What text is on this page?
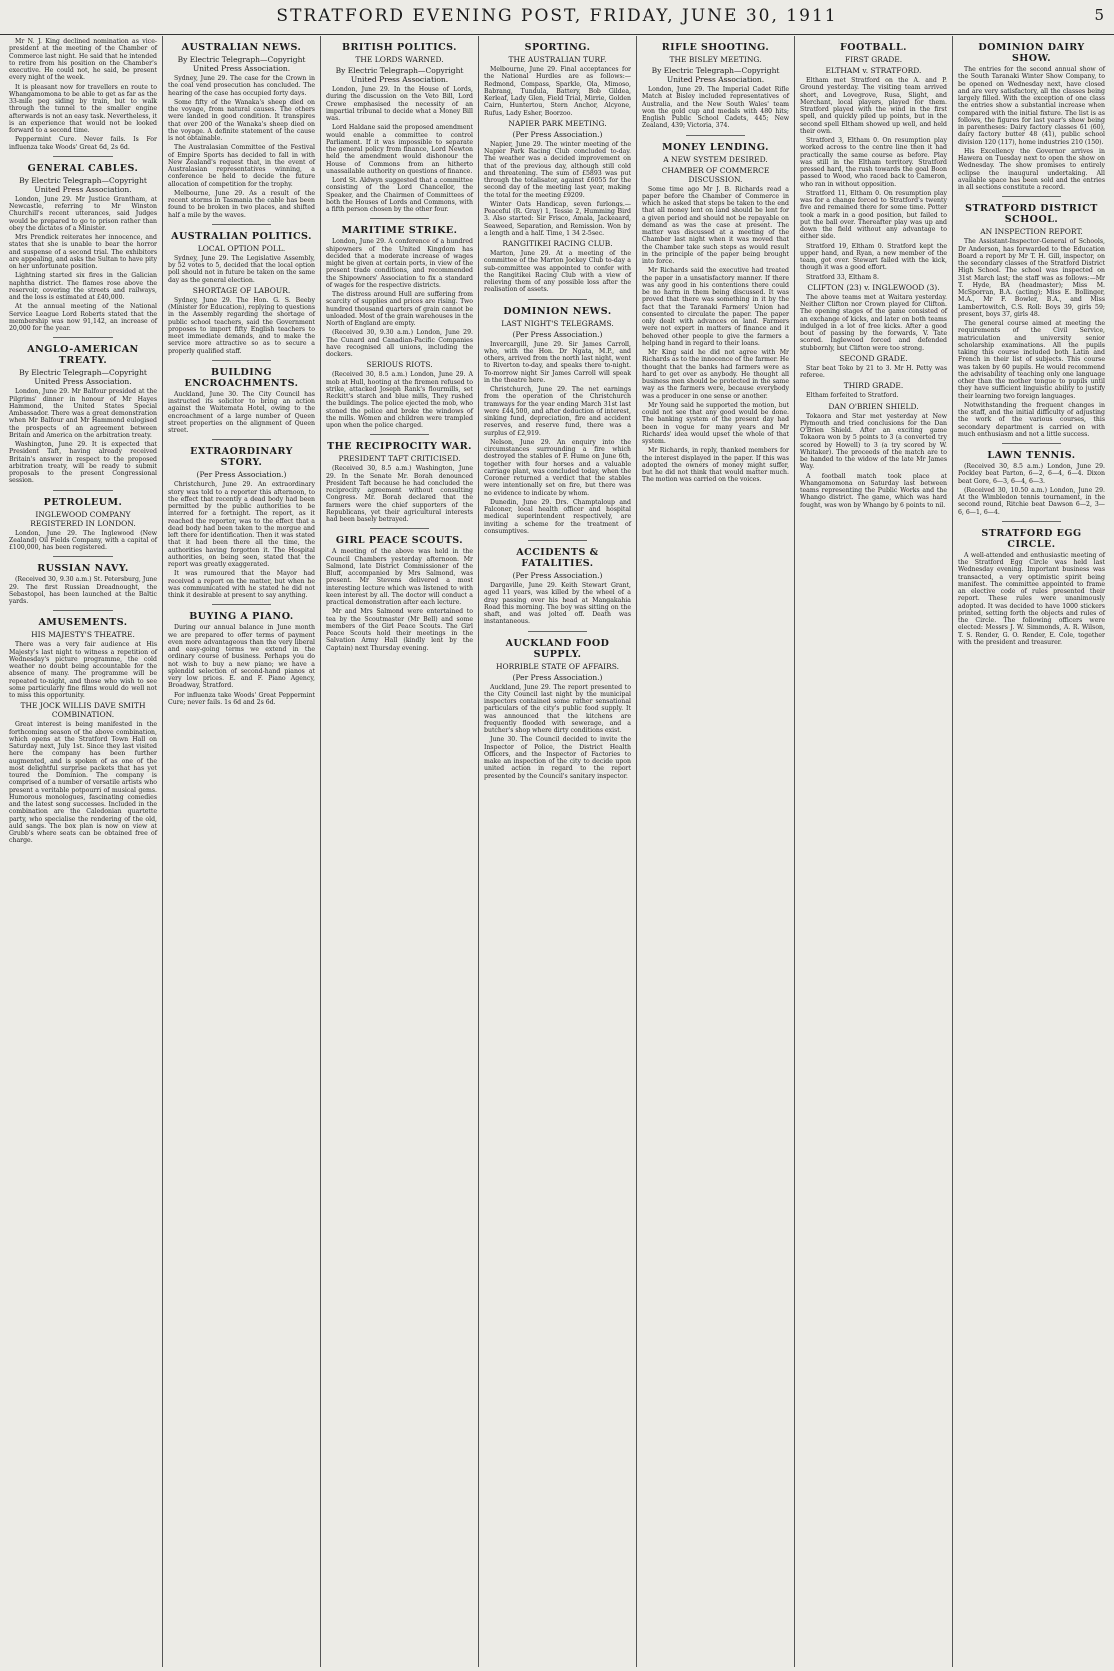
STRATFORD EVENING POST, FRIDAY, JUNE 30, 1911	5

Mr N. J. King declined nomination as vice-president at the meeting of the Chamber of Commerce last night. He said that he intended to retire from his position on the Chamber's executive. He could not, he said, be present every night of the week.

It is pleasant now for travellers en route to Whangamomona to be able to get as far as the 33-mile peg siding by train, but to walk through the tunnel to the smaller engine afterwards is not an easy task. Nevertheless, it is an experience that would not be looked forward to a second time.

Peppermint Cure. Never fails. Is For influenza take Woods' Great 6d, 2s 6d.

GENERAL CABLES.
By Electric Telegraph—Copyright United Press Association.

London, June 29. Mr Justice Grantham, at Newcastle, referring to Mr Winston Churchill's recent utterances, said Judges would be prepared to go to prison rather than obey the dictates of a Minister.

Mrs Prendick reiterates her innocence, and states that she is unable to bear the horror and suspense of a second trial. The exhibitors are appealing, and asks the Sultan to have pity on her unfortunate position.

Lightning started six fires in the Galician naphtha district. The flames rose above the reservoir, covering the streets and railways, and the loss is estimated at £40,000.

At the annual meeting of the National Service League Lord Roberts stated that the membership was now 91,142, an increase of 20,000 for the year.

ANGLO-AMERICAN TREATY.
By Electric Telegraph—Copyright United Press Association.

London, June 29. Mr Balfour presided at the Pilgrims' dinner in honour of Mr Hayes Hammond, the United States Special Ambassador. There was a great demonstration when Mr Balfour and Mr Hammond eulogised the prospects of an agreement between Britain and America on the arbitration treaty.

Washington, June 29. It is expected that President Taft, having already received Britain's answer in respect to the proposed arbitration treaty, will be ready to submit proposals to the present Congressional session.

PETROLEUM.
INGLEWOOD COMPANY REGISTERED IN LONDON.

London, June 29. The Inglewood (New Zealand) Oil Fields Company, with a capital of £100,000, has been registered.

RUSSIAN NAVY.

(Received 30, 9.30 a.m.) St. Petersburg, June 29. The first Russian Dreadnought, the Sebastopol, has been launched at the Baltic yards.

AMUSEMENTS.
HIS MAJESTY'S THEATRE.

There was a very fair audience at His Majesty's last night to witness a repetition of Wednesday's picture programme, the cold weather no doubt being accountable for the absence of many. The programme will be repeated to-night, and those who wish to see some particularly fine films would do well not to miss this opportunity.

THE JOCK WILLIS DAVE SMITH COMBINATION.

Great interest is being manifested in the forthcoming season of the above combination, which opens at the Stratford Town Hall on Saturday next, July 1st. Since they last visited here the company has been further augmented, and is spoken of as one of the most delightful surprise packets that has yet toured the Dominion. The company is comprised of a number of versatile artists who present a veritable potpourri of musical gems. Humorous monologues, fascinating comedies and the latest song successes. Included in the combination are the Caledonian quartette party, who specialise the rendering of the old, auld sangs. The box plan is now on view at Grubb's where seats can be obtained free of charge.

AUSTRALIAN NEWS.
By Electric Telegraph—Copyright United Press Association.

Sydney, June 29. The case for the Crown in the coal vend prosecution has concluded. The hearing of the case has occupied forty days.

Some fifty of the Wanaka's sheep died on the voyage, from natural causes. The others were landed in good condition. It transpires that over 200 of the Wanaka's sheep died on the voyage. A definite statement of the cause is not obtainable.

The Australasian Committee of the Festival of Empire Sports has decided to fall in with New Zealand's request that, in the event of Australasian representatives winning, a conference be held to decide the future allocation of competition for the trophy.

Melbourne, June 29. As a result of the recent storms in Tasmania the cable has been found to be broken in two places, and shifted half a mile by the waves.

AUSTRALIAN POLITICS.
LOCAL OPTION POLL.

Sydney, June 29. The Legislative Assembly, by 52 votes to 5, decided that the local option poll should not in future be taken on the same day as the general election.

SHORTAGE OF LABOUR.

Sydney, June 29. The Hon. G. S. Beeby (Minister for Education), replying to questions in the Assembly regarding the shortage of public school teachers, said the Government proposes to import fifty English teachers to meet immediate demands, and to make the service more attractive so as to secure a properly qualified staff.

BUILDING ENCROACHMENTS.

Auckland, June 30. The City Council has instructed its solicitor to bring an action against the Waitemata Hotel, owing to the encroachment of a large number of Queen street properties on the alignment of Queen street.

EXTRAORDINARY STORY.
(Per Press Association.)

Christchurch, June 29. An extraordinary story was told to a reporter this afternoon, to the effect that recently a dead body had been permitted by the public authorities to be interred for a fortnight. The report, as it reached the reporter, was to the effect that a dead body had been taken to the morgue and left there for identification. Then it was stated that it had been there all the time, the authorities having forgotten it. The Hospital authorities, on being seen, stated that the report was greatly exaggerated.

It was rumoured that the Mayor had received a report on the matter, but when he was communicated with he stated he did not think it desirable at present to say anything.

BUYING A PIANO.

During our annual balance in June month we are prepared to offer terms of payment even more advantageous than the very liberal and easy-going terms we extend in the ordinary course of business. Perhaps you do not wish to buy a new piano; we have a splendid selection of second-hand pianos at very low prices. E. and F. Piano Agency, Broadway, Stratford.

For influenza take Woods' Great Peppermint Cure; never fails. 1s 6d and 2s 6d.

BRITISH POLITICS.
THE LORDS WARNED.
By Electric Telegraph—Copyright United Press Association.

London, June 29. In the House of Lords, during the discussion on the Veto Bill, Lord Crewe emphasised the necessity of an impartial tribunal to decide what a Money Bill was.

Lord Haldane said the proposed amendment would enable a committee to control Parliament. If it was impossible to separate the general policy from finance, Lord Newton held the amendment would dishonour the House of Commons from an hitherto unassailable authority on questions of finance.

Lord St. Aldwyn suggested that a committee consisting of the Lord Chancellor, the Speaker, and the Chairmen of Committees of both the Houses of Lords and Commons, with a fifth person chosen by the other four.

MARITIME STRIKE.

London, June 29. A conference of a hundred shipowners of the United Kingdom has decided that a moderate increase of wages might be given at certain ports, in view of the present trade conditions, and recommended the Shipowners' Association to fix a standard of wages for the respective districts.

The distress around Hull are suffering from scarcity of supplies and prices are rising. Two hundred thousand quarters of grain cannot be unloaded. Most of the grain warehouses in the North of England are empty.

(Received 30, 9.30 a.m.) London, June 29. The Cunard and Canadian-Pacific Companies have recognised all unions, including the dockers.

SERIOUS RIOTS.

(Received 30, 8.5 a.m.) London, June 29. A mob at Hull, hooting at the firemen refused to strike, attacked Joseph Rank's flourmills, set Reckitt's starch and blue mills, They rushed the buildings. The police ejected the mob, who stoned the police and broke the windows of the mills. Women and children were trampled upon when the police charged.

THE RECIPROCITY WAR.
PRESIDENT TAFT CRITICISED.

(Received 30, 8.5 a.m.) Washington, June 29. In the Senate Mr. Borah denounced President Taft because he had concluded the reciprocity agreement without consulting Congress. Mr. Borah declared that the farmers were the chief supporters of the Republicans, yet their agricultural interests had been basely betrayed.

GIRL PEACE SCOUTS.

A meeting of the above was held in the Council Chambers yesterday afternoon. Mr Salmond, late District Commissioner of the Bluff, accompanied by Mrs Salmond, was present. Mr Stevens delivered a most interesting lecture which was listened to with keen interest by all. The doctor will conduct a practical demonstration after each lecture.

Mr and Mrs Salmond were entertained to tea by the Scoutmaster (Mr Bell) and some members of the Girl Peace Scouts. The Girl Peace Scouts hold their meetings in the Salvation Army Hall (kindly lent by the Captain) next Thursday evening.

SPORTING.
THE AUSTRALIAN TURF.

Melbourne, June 29. Final acceptances for the National Hurdles are as follows:—Redmond, Compass, Sparkle, Ola, Mimoso, Babrang, Tundula, Battery, Bob Gildea, Kerleaf, Lady Glen, Field Trial, Mirrie, Golden Cairn, Huntertou, Stern Anchor, Alcyone, Rufus, Lady Esher, Boorzoo.

NAPIER PARK MEETING.
(Per Press Association.)

Napier, June 29. The winter meeting of the Napier Park Racing Club concluded to-day. The weather was a decided improvement on that of the previous day, although still cold and threatening. The sum of £5893 was put through the totalisator, against £6055 for the second day of the meeting last year, making the total for the meeting £9209.

Winter Oats Handicap, seven furlongs.—Peaceful (R. Gray) 1, Tessie 2, Humming Bird 3. Also started: Sir Frisco, Amala, Jackeaard, Seaweed, Separation, and Remission. Won by a length and a half. Time, 1 34 2-5sec.

RANGITIKEI RACING CLUB.

Marton, June 29. At a meeting of the committee of the Marton Jockey Club to-day a sub-committee was appointed to confer with the Rangitikei Racing Club with a view of relieving them of any possible loss after the realisation of assets.

DOMINION NEWS.
LAST NIGHT'S TELEGRAMS.
(Per Press Association.)

Invercargill, June 29. Sir James Carroll, who, with the Hon. Dr Ngata, M.P., and others, arrived from the north last night, went to Riverton to-day, and speaks there to-night. To-morrow night Sir James Carroll will speak in the theatre here.

Christchurch, June 29. The net earnings from the operation of the Christchurch tramways for the year ending March 31st last were £44,500, and after deduction of interest, sinking fund, depreciation, fire and accident reserves, and reserve fund, there was a surplus of £2,919.

Nelson, June 29. An enquiry into the circumstances surrounding a fire which destroyed the stables of F. Hume on June 6th, together with four horses and a valuable carriage plant, was concluded today, when the Coroner returned a verdict that the stables were intentionally set on fire, but there was no evidence to indicate by whom.

Dunedin, June 29. Drs. Champtaloup and Falconer, local health officer and hospital medical superintendent respectively, are inviting a scheme for the treatment of consumptives.

ACCIDENTS & FATALITIES.
(Per Press Association.)

Dargaville, June 29. Keith Stewart Grant, aged 11 years, was killed by the wheel of a dray passing over his head at Mangakahia Road this morning. The boy was sitting on the shaft, and was jolted off. Death was instantaneous.

AUCKLAND FOOD SUPPLY.
HORRIBLE STATE OF AFFAIRS.
(Per Press Association.)

Auckland, June 29. The report presented to the City Council last night by the municipal inspectors contained some rather sensational particulars of the city's public food supply. It was announced that the kitchens are frequently flooded with sewerage, and a butcher's shop where dirty conditions exist.

June 30. The Council decided to invite the Inspector of Police, the District Health Officers, and the Inspector of Factories to make an inspection of the city to decide upon united action in regard to the report presented by the Council's sanitary inspector.

RIFLE SHOOTING.
THE BISLEY MEETING.
By Electric Telegraph—Copyright United Press Association.

London, June 29. The Imperial Cadet Rifle Match at Bisley included representatives of Australia, and the New South Wales' team won the gold cup and medals with 480 hits; English Public School Cadets, 445; New Zealand, 439; Victoria, 374.

MONEY LENDING.
A NEW SYSTEM DESIRED.
CHAMBER OF COMMERCE DISCUSSION.

Some time ago Mr J. B. Richards read a paper before the Chamber of Commerce in which he asked that steps be taken to the end that all money lent on land should be lent for a given period and should not be repayable on demand as was the case at present. The matter was discussed at a meeting of the Chamber last night when it was moved that the Chamber take such steps as would result in the principle of the paper being brought into force.

Mr Richards said the executive had treated the paper in a unsatisfactory manner. If there was any good in his contentions there could be no harm in them being discussed. It was proved that there was something in it by the fact that the Taranaki Farmers' Union had consented to circulate the paper. The paper only dealt with advances on land. Farmers were not expert in matters of finance and it behoved other people to give the farmers a helping hand in regard to their loans.

Mr King said he did not agree with Mr Richards as to the innocence of the farmer. He thought that the banks had farmers were as hard to get over as anybody. He thought all business men should be protected in the same way as the farmers were, because everybody was a producer in one sense or another.

Mr Young said he supported the motion, but could not see that any good would be done. The banking system of the present day had been in vogue for many years and Mr Richards' idea would upset the whole of that system.

Mr Richards, in reply, thanked members for the interest displayed in the paper. If this was adopted the owners of money might suffer, but he did not think that would matter much. The motion was carried on the voices.

FOOTBALL.
FIRST GRADE.
ELTHAM v. STRATFORD.

Eltham met Stratford on the A. and P. Ground yesterday. The visiting team arrived short, and Lovegrove, Rusa, Slight, and Merchant, local players, played for them. Stratford played with the wind in the first spell, and quickly piled up points, but in the second spell Eltham showed up well, and held their own.

Stratford 3, Eltham 0. On resumption play worked across to the centre line then it had practically the same course as before. Play was still in the Eltham territory. Stratford pressed hard, the rush towards the goal Boon passed to Wood, who raced back to Cameron, who ran in without opposition.

Stratford 11, Eltham 0. On resumption play was for a change forced to Stratford's twenty five and remained there for some time. Potter took a mark in a good position, but failed to put the ball over. Thereafter play was up and down the field without any advantage to either side.

Stratford 19, Eltham 0. Stratford kept the upper hand, and Ryan, a new member of the team, got over. Stewart failed with the kick, though it was a good effort.

Stratford 33, Eltham 8.

CLIFTON (23) v. INGLEWOOD (3).

The above teams met at Waitara yesterday. Neither Clifton nor Crown played for Clifton. The opening stages of the game consisted of an exchange of kicks, and later on both teams indulged in a lot of free kicks. After a good bout of passing by the forwards, V. Tate scored. Inglewood forced and defended stubbornly, but Clifton were too strong.

SECOND GRADE.

Star beat Toko by 21 to 3. Mr H. Petty was referee.

THIRD GRADE.

Eltham forfeited to Stratford.

DAN O'BRIEN SHIELD.

Tokaora and Star met yesterday at New Plymouth and tried conclusions for the Dan O'Brien Shield. After an exciting game Tokaora won by 5 points to 3 (a converted try scored by Howell) to 3 (a try scored by W. Whitaker). The proceeds of the match are to be handed to the widow of the late Mr James Way.

A football match took place at Whangamomona on Saturday last between teams representing the Public Works and the Whango district. The game, which was hard fought, was won by Whango by 6 points to nil.

DOMINION DAIRY SHOW.

The entries for the second annual show of the South Taranaki Winter Show Company, to be opened on Wednesday next, have closed and are very satisfactory, all the classes being largely filled. With the exception of one class the entries show a substantial increase when compared with the initial fixture. The list is as follows, the figures for last year's show being in parentheses: Dairy factory classes 61 (60), dairy factory butter 48 (41), public school division 120 (117), home industries 210 (150).

His Excellency the Governor arrives in Hawera on Tuesday next to open the show on Wednesday. The show promises to entirely eclipse the inaugural undertaking. All available space has been sold and the entries in all sections constitute a record.

STRATFORD DISTRICT SCHOOL.
AN INSPECTION REPORT.

The Assistant-Inspector-General of Schools, Dr Anderson, has forwarded to the Education Board a report by Mr T. H. Gill, inspector, on the secondary classes of the Stratford District High School. The school was inspected on 31st March last; the staff was as follows:—Mr T. Hyde, BA (headmaster); Miss M. McSporran, B.A. (acting); Miss E. Bollinger, M.A., Mr F. Bowler, B.A., and Miss Lambertowitch, C.S. Roll: Boys 39, girls 59; present, boys 37, girls 48.

The general course aimed at meeting the requirements of the Civil Service, matriculation and university senior scholarship examinations. All the pupils taking this course included both Latin and French in their list of subjects. This course was taken by 60 pupils. He would recommend the advisability of teaching only one language other than the mother tongue to pupils until they have sufficient linguistic ability to justify their learning two foreign languages.

Notwithstanding the frequent changes in the staff, and the initial difficulty of adjusting the work of the various courses, this secondary department is carried on with much enthusiasm and not a little success.

LAWN TENNIS.

(Received 30, 8.5 a.m.) London, June 29. Pockley beat Parton, 6—2, 6—4, 6—4. Dixon beat Gore, 6—3, 6—4, 6—3.

(Received 30, 10.50 a.m.) London, June 29. At the Wimbledon tennis tournament, in the second round, Ritchie beat Dawson 6—2, 3—6, 6—1, 6—4.

STRATFORD EGG CIRCLE.

A well-attended and enthusiastic meeting of the Stratford Egg Circle was held last Wednesday evening. Important business was transacted, a very optimistic spirit being manifest. The committee appointed to frame an elective code of rules presented their report. These rules were unanimously adopted. It was decided to have 1000 stickers printed, setting forth the objects and rules of the Circle. The following officers were elected: Messrs J. W. Simmonds, A. R. Wilson, T. S. Render, G. O. Render, E. Cole, together with the president and treasurer.
